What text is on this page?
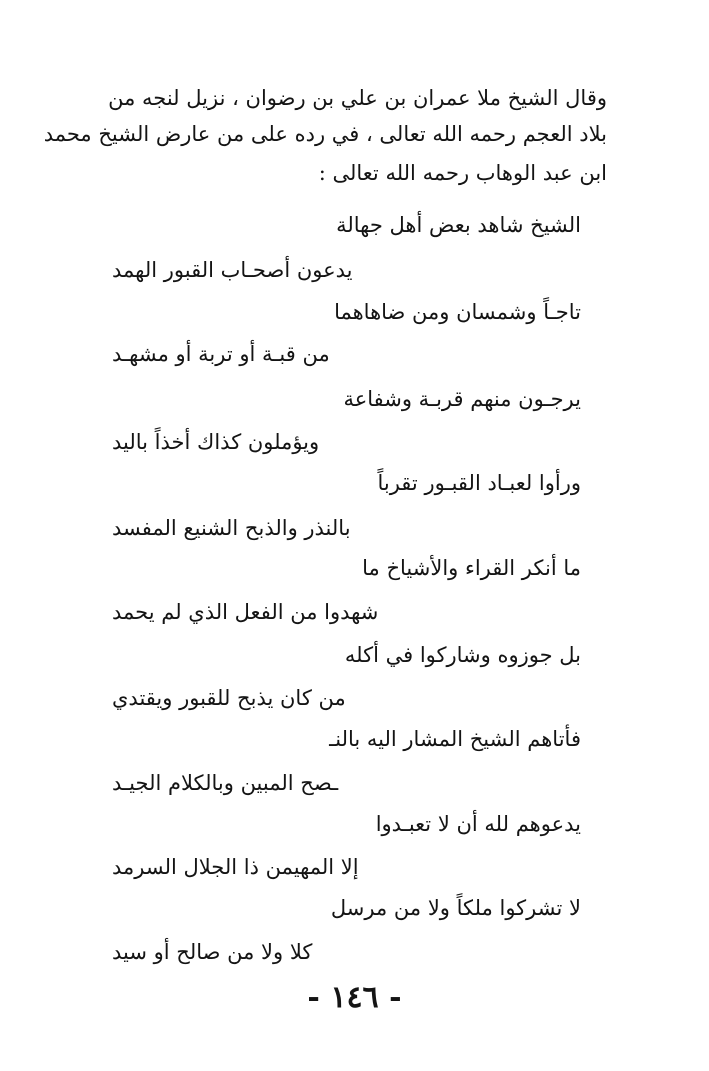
وقال الشيخ ملا عمران بن علي بن رضوان ، نزيل لنجه من
بلاد العجم رحمه الله تعالى ، في رده على من عارض الشيخ محمد
ابن عبد الوهاب رحمه الله تعالى :
الشيخ شاهد بعض أهل جهالة
يدعون أصحـاب القبور الهمد
تاجـاً وشمسان ومن ضاهاهما
من قبـة أو تربة أو مشهـد
يرجـون منهم قربـة وشفاعة
ويؤملون كذاك أخذاً باليد
ورأوا لعبـاد القبـور تقرباً
بالنذر والذبح الشنيع المفسد
ما أنكر القراء والأشياخ ما
شهدوا من الفعل الذي لم يحمد
بل جوزوه وشاركوا في أكله
من كان يذبح للقبور ويقتدي
فأتاهم الشيخ المشار اليه بالنـ
ـصح المبين وبالكلام الجيـد
يدعوهم لله أن لا تعبـدوا
إلا المهيمن ذا الجلال السرمد
لا تشركوا ملكاً ولا من مرسل
كلا ولا من صالح أو سيد
- ١٤٦ -
